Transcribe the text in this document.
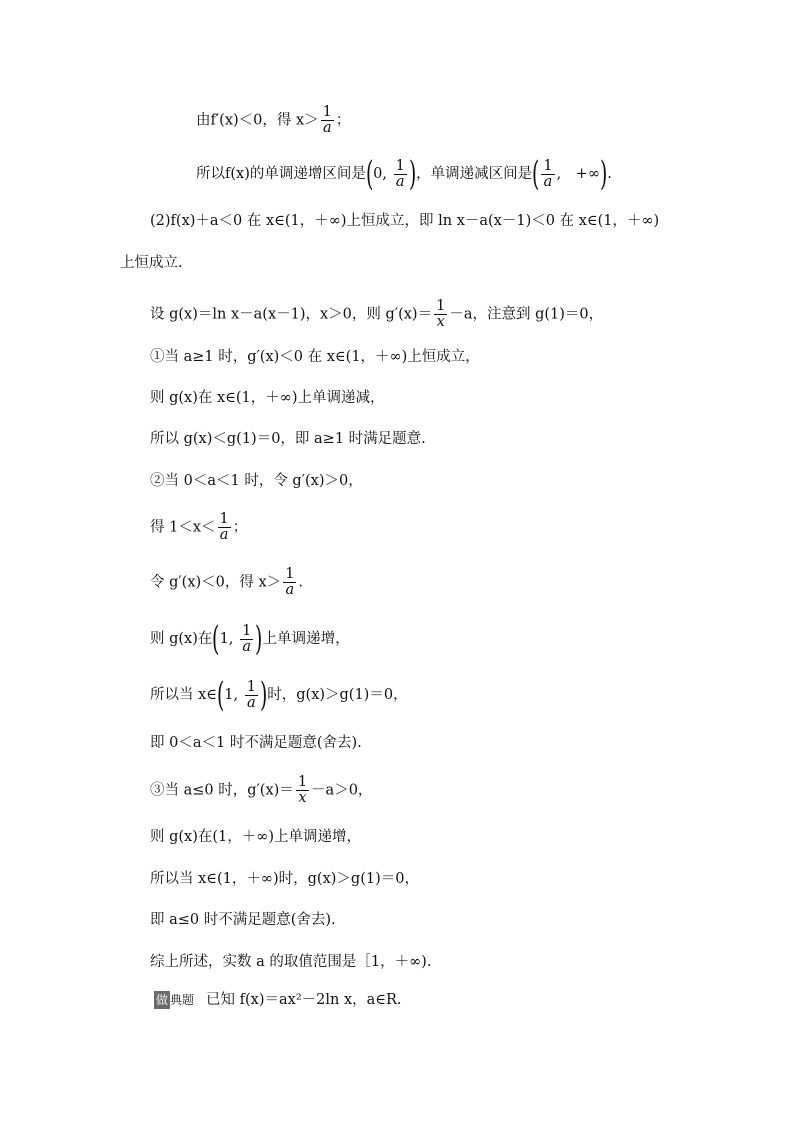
由f′(x)＜0，得 $x> \frac{1}{a}$ ；
所以f(x)的单调递增区间是(0, $\frac{1}{a}$ )，单调递减区间是( $\frac{1}{a}$ ,　+∞).
(2)f(x)＋a＜0 在 x∈(1，＋∞)上恒成立，即 ln x－a(x－1)＜0 在 x∈(1，＋∞)
上恒成立.
设 g(x)＝ln x－a(x－1)，x＞0，则 $g'(x)= \frac{1}{x} -a$，注意到 g(1)＝0，
①当 a≥1 时，g′(x)＜0 在 x∈(1，＋∞)上恒成立，
则 g(x)在 x∈(1，＋∞)上单调递减，
所以 g(x)＜g(1)＝0，即 a≥1 时满足题意.
②当 0＜a＜1 时，令 g′(x)＞0，
得 $1<x< \frac{1}{a}$ ；
令 g′(x)＜0，得 $x> \frac{1}{a}$ .
则 g(x)在(1, $\frac{1}{a}$ )上单调递增，
所以当 x∈(1, $\frac{1}{a}$ )时，g(x)＞g(1)＝0，
即 0＜a＜1 时不满足题意(舍去).
③当 a≤0 时，$g'(x)= \frac{1}{x} -a>0$，
则 g(x)在(1，＋∞)上单调递增，
所以当 x∈(1，＋∞)时，g(x)＞g(1)＝0，
即 a≤0 时不满足题意(舍去).
综上所述，实数 a 的取值范围是［1，＋∞).
做 典题 已知 f(x)＝ax²－2ln x，a∈R.
